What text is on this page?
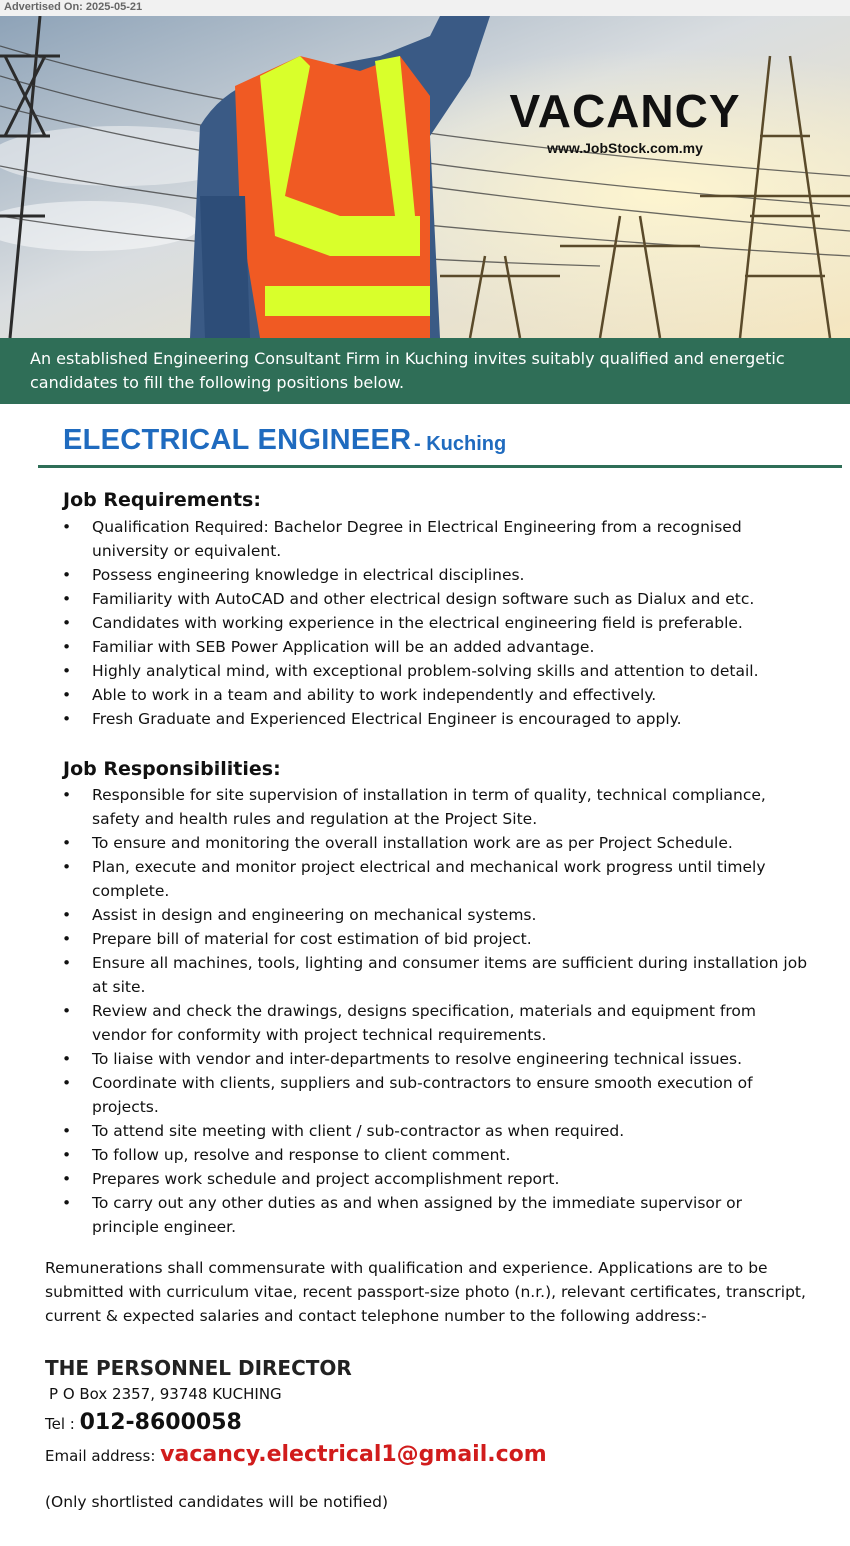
Advertised On: 2025-05-21
VACANCY
www.JobStock.com.my
An established Engineering Consultant Firm in Kuching invites suitably qualified and energetic candidates to fill the following positions below.
ELECTRICAL ENGINEER - Kuching
Job Requirements:
• Qualification Required: Bachelor Degree in Electrical Engineering from a recognised university or equivalent.
• Possess engineering knowledge in electrical disciplines.
• Familiarity with AutoCAD and other electrical design software such as Dialux and etc.
• Candidates with working experience in the electrical engineering field is preferable.
• Familiar with SEB Power Application will be an added advantage.
• Highly analytical mind, with exceptional problem-solving skills and attention to detail.
• Able to work in a team and ability to work independently and effectively.
• Fresh Graduate and Experienced Electrical Engineer is encouraged to apply.
Job Responsibilities:
• Responsible for site supervision of installation in term of quality, technical compliance, safety and health rules and regulation at the Project Site.
• To ensure and monitoring the overall installation work are as per Project Schedule.
• Plan, execute and monitor project electrical and mechanical work progress until timely complete.
• Assist in design and engineering on mechanical systems.
• Prepare bill of material for cost estimation of bid project.
• Ensure all machines, tools, lighting and consumer items are sufficient during installation job at site.
• Review and check the drawings, designs specification, materials and equipment from vendor for conformity with project technical requirements.
• To liaise with vendor and inter-departments to resolve engineering technical issues.
• Coordinate with clients, suppliers and sub-contractors to ensure smooth execution of projects.
• To attend site meeting with client / sub-contractor as when required.
• To follow up, resolve and response to client comment.
• Prepares work schedule and project accomplishment report.
• To carry out any other duties as and when assigned by the immediate supervisor or principle engineer.
Remunerations shall commensurate with qualification and experience. Applications are to be submitted with curriculum vitae, recent passport-size photo (n.r.), relevant certificates, transcript, current & expected salaries and contact telephone number to the following address:-
THE PERSONNEL DIRECTOR
P O Box 2357, 93748 KUCHING
Tel : 012-8600058
Email address: vacancy.electrical1@gmail.com
(Only shortlisted candidates will be notified)
